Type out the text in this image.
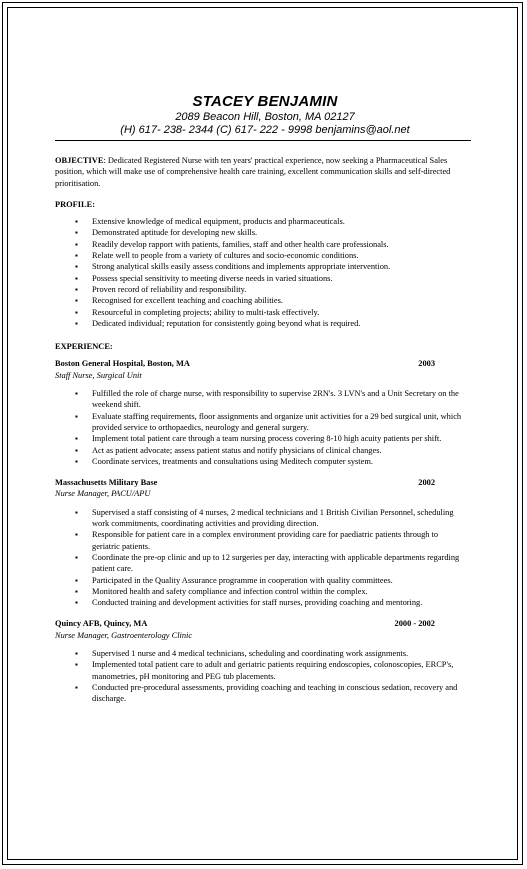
STACEY BENJAMIN
2089 Beacon Hill, Boston, MA 02127
(H) 617- 238- 2344 (C) 617- 222 - 9998 benjamins@aol.net

OBJECTIVE: Dedicated Registered Nurse with ten years' practical experience, now seeking a Pharmaceutical Sales position, which will make use of comprehensive health care training, excellent communication skills and self-directed prioritisation.

PROFILE:
▪ Extensive knowledge of medical equipment, products and pharmaceuticals.
▪ Demonstrated aptitude for developing new skills.
▪ Readily develop rapport with patients, families, staff and other health care professionals.
▪ Relate well to people from a variety of cultures and socio-economic conditions.
▪ Strong analytical skills easily assess conditions and implements appropriate intervention.
▪ Possess special sensitivity to meeting diverse needs in varied situations.
▪ Proven record of reliability and responsibility.
▪ Recognised for excellent teaching and coaching abilities.
▪ Resourceful in completing projects; ability to multi-task effectively.
▪ Dedicated individual; reputation for consistently going beyond what is required.
EXPERIENCE:
Boston General Hospital, Boston, MA	2003
Staff Nurse, Surgical Unit
▪ Fulfilled the role of charge nurse, with responsibility to supervise 2RN's. 3 LVN's and a Unit Secretary on the weekend shift.
▪ Evaluate staffing requirements, floor assignments and organize unit activities for a 29 bed surgical unit, which provided service to orthopaedics, neurology and general surgery.
▪ Implement total patient care through a team nursing process covering 8-10 high acuity patients per shift.
▪ Act as patient advocate; assess patient status and notify physicians of clinical changes.
▪ Coordinate services, treatments and consultations using Meditech computer system.
Massachusetts Military Base	2002
Nurse Manager, PACU/APU
▪ Supervised a staff consisting of 4 nurses, 2 medical technicians and 1 British Civilian Personnel, scheduling work commitments, coordinating activities and providing direction.
▪ Responsible for patient care in a complex environment providing care for paediatric patients through to geriatric patients.
▪ Coordinate the pre-op clinic and up to 12 surgeries per day, interacting with applicable departments regarding patient care.
▪ Participated in the Quality Assurance programme in cooperation with quality committees.
▪ Monitored health and safety compliance and infection control within the complex.
▪ Conducted training and development activities for staff nurses, providing coaching and mentoring.
Quincy AFB, Quincy, MA	2000 - 2002
Nurse Manager, Gastroenterology Clinic
▪ Supervised 1 nurse and 4 medical technicians, scheduling and coordinating work assignments.
▪ Implemented total patient care to adult and geriatric patients requiring endoscopies, colonoscopies, ERCP's, manometries, pH monitoring and PEG tub placements.
▪ Conducted pre-procedural assessments, providing coaching and teaching in conscious sedation, recovery and discharge.
